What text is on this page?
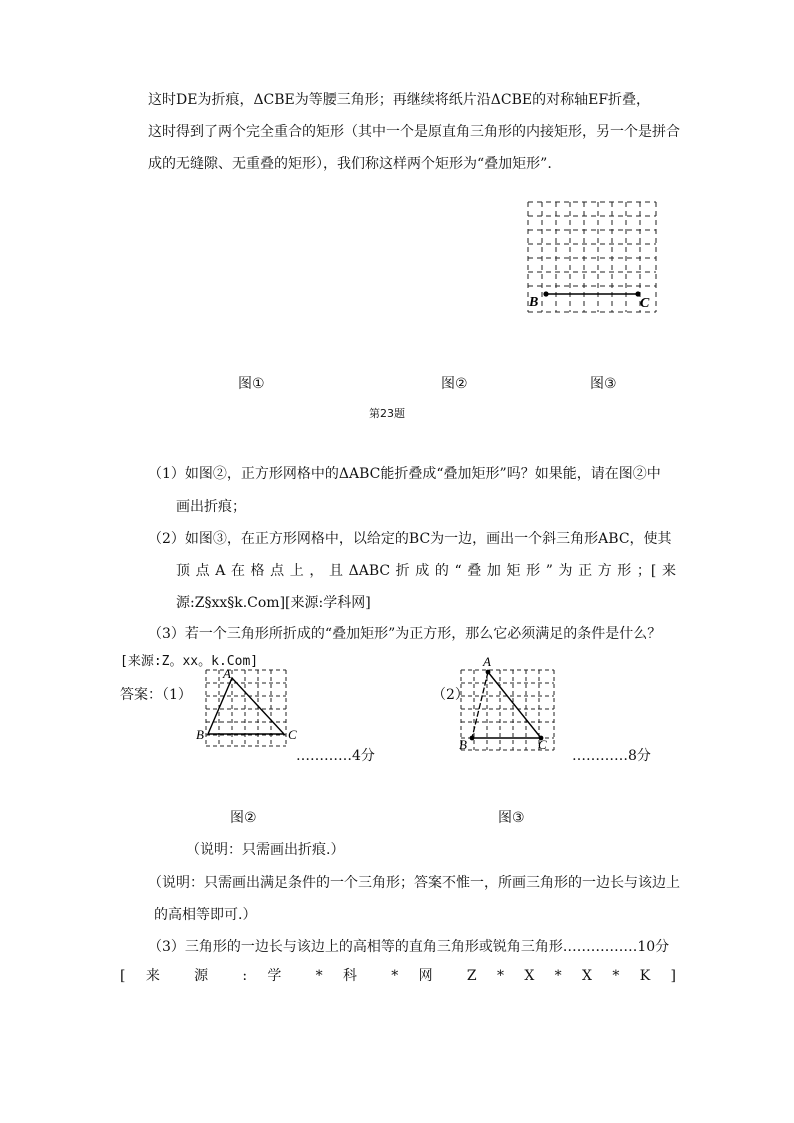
这时DE为折痕，ΔCBE为等腰三角形；再继续将纸片沿ΔCBE的对称轴EF折叠，
这时得到了两个完全重合的矩形（其中一个是原直角三角形的内接矩形，另一个是拼合
成的无缝隙、无重叠的矩形），我们称这样两个矩形为“叠加矩形”.
B	C
图①	图②	图③
第23题
（1）如图②，正方形网格中的ΔABC能折叠成“叠加矩形”吗？如果能，请在图②中
画出折痕；
（2）如图③，在正方形网格中，以给定的BC为一边，画出一个斜三角形ABC，使其
顶点A在格点上，且ΔABC折成的“叠加矩形”为正方形；[来
源:Z§xx§k.Com][来源:学科网]
（3）若一个三角形所折成的“叠加矩形”为正方形，那么它必须满足的条件是什么？
[来源:Z。xx。k.Com]
答案：（1）
A
B	C
…………4分
（2）
A
B	C
…………8分
图②	图③
（说明：只需画出折痕.）
（说明：只需画出满足条件的一个三角形；答案不惟一，所画三角形的一边长与该边上
的高相等即可.）
（3）三角形的一边长与该边上的高相等的直角三角形或锐角三角形.……………10分
[ 来 源 : 学 * 科 * 网 Z * X * X * K ]
